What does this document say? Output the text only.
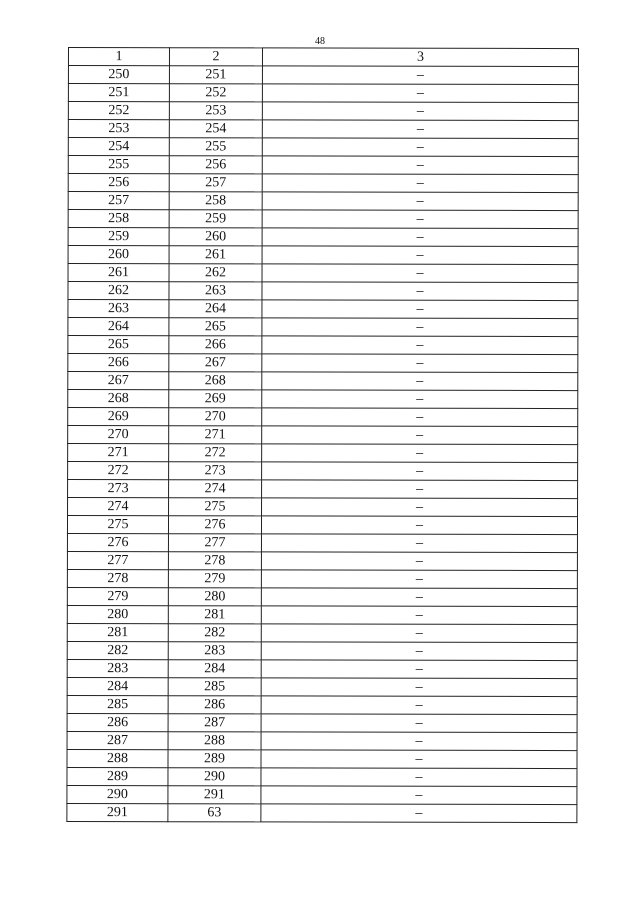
48
1	2	3
250	251	–
251	252	–
252	253	–
253	254	–
254	255	–
255	256	–
256	257	–
257	258	–
258	259	–
259	260	–
260	261	–
261	262	–
262	263	–
263	264	–
264	265	–
265	266	–
266	267	–
267	268	–
268	269	–
269	270	–
270	271	–
271	272	–
272	273	–
273	274	–
274	275	–
275	276	–
276	277	–
277	278	–
278	279	–
279	280	–
280	281	–
281	282	–
282	283	–
283	284	–
284	285	–
285	286	–
286	287	–
287	288	–
288	289	–
289	290	–
290	291	–
291	63	–
